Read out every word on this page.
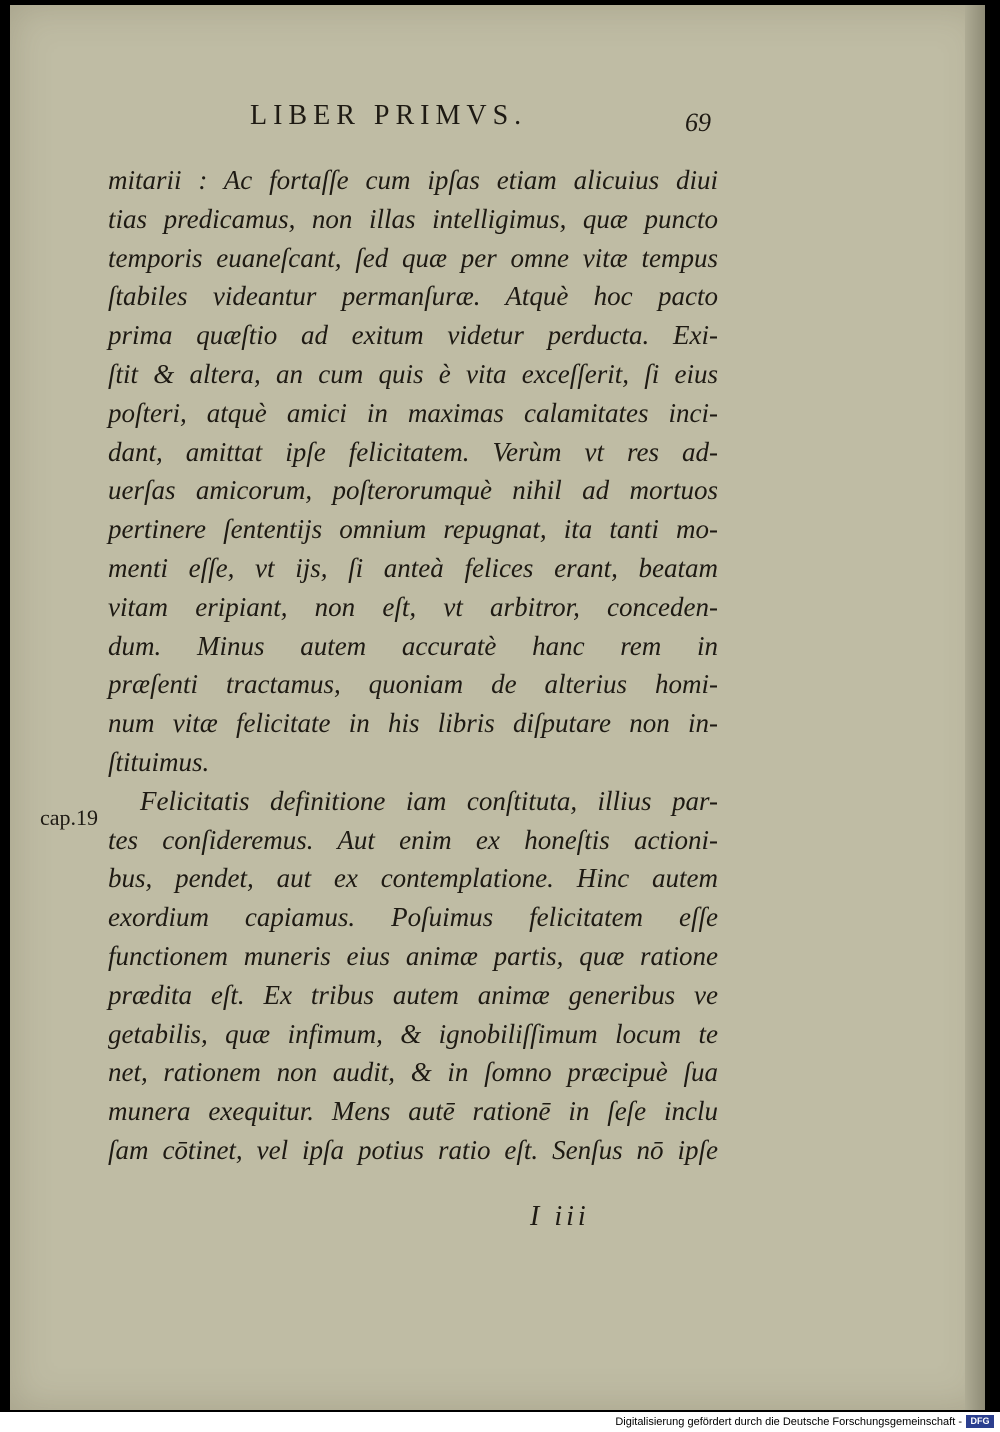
LIBER PRIMVS.	69
cap.19
mitarii : Ac fortaſſe cum ipſas etiam alicuius diui
tias predicamus, non illas intelligimus, quæ puncto
temporis euaneſcant, ſed quæ per omne vitæ tempus
ſtabiles videantur permanſuræ. Atquè hoc pacto
prima quæſtio ad exitum videtur perducta. Exi-
ſtit & altera, an cum quis è vita exceſſerit, ſi eius
poſteri, atquè amici in maximas calamitates inci-
dant, amittat ipſe felicitatem. Verùm vt res ad-
uerſas amicorum, poſterorumquè nihil ad mortuos
pertinere ſententijs omnium repugnat, ita tanti mo-
menti eſſe, vt ijs, ſi anteà felices erant, beatam
vitam eripiant, non eſt, vt arbitror, conceden-
dum. Minus autem accuratè hanc rem in
præſenti tractamus, quoniam de alterius homi-
num vitæ felicitate in his libris diſputare non in-
ſtituimus.
Felicitatis definitione iam conſtituta, illius par-
tes conſideremus. Aut enim ex honeſtis actioni-
bus, pendet, aut ex contemplatione. Hinc autem
exordium capiamus. Poſuimus felicitatem eſſe
functionem muneris eius animæ partis, quæ ratione
prædita eſt. Ex tribus autem animæ generibus ve
getabilis, quæ infimum, & ignobiliſſimum locum te
net, rationem non audit, & in ſomno præcipuè ſua
munera exequitur. Mens autē rationē in ſeſe inclu
ſam cōtinet, vel ipſa potius ratio eſt. Senſus nō ipſe
I iii
Digitalisierung gefördert durch die Deutsche Forschungsgemeinschaft - DFG
